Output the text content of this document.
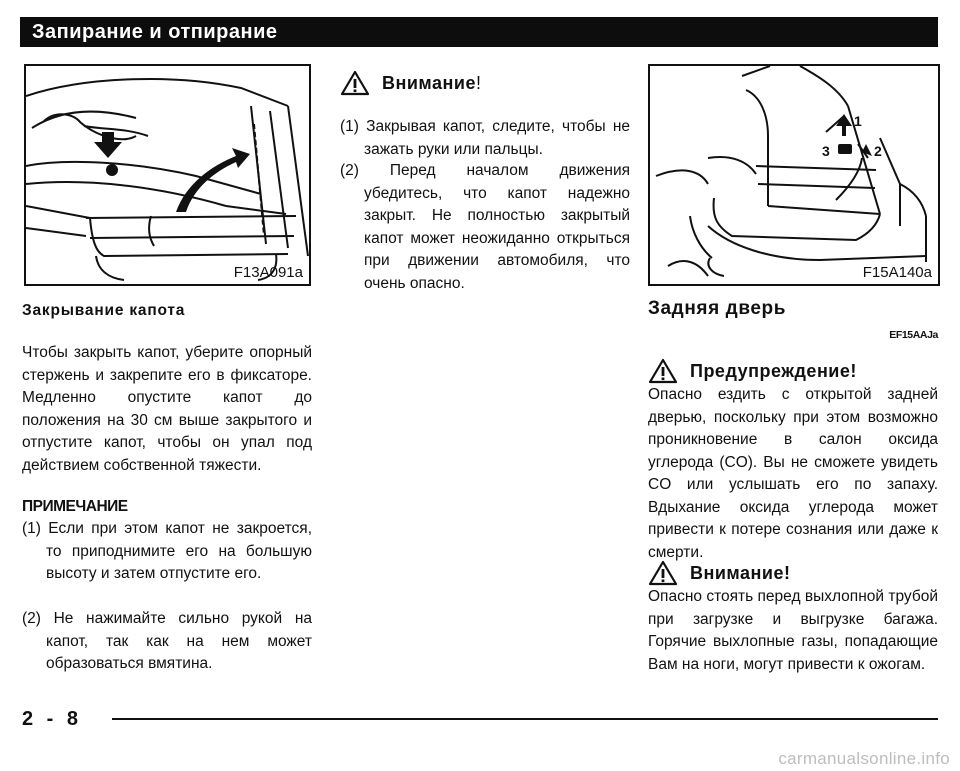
Запирание и отпирание
F13A091a
1
2
3
F15A140a
Закрывание капота
Чтобы закрыть капот, уберите опорный стержень и закрепите его в фиксаторе. Медленно опустите капот до положения на 30 см выше закрытого и отпустите капот, чтобы он упал под действием собственной тяжести.
ПРИМЕЧАНИЕ
(1) Если при этом капот не закроется, то приподнимите его на большую высоту и затем отпустите его.
(2) Не нажимайте сильно рукой на капот, так как на нем может образоваться вмятина.
Внимание!
(1) Закрывая капот, следите, чтобы не зажать руки или пальцы.
(2) Перед началом движения убедитесь, что капот надежно закрыт. Не полностью закрытый капот может неожиданно открыться при движении автомобиля, что очень опасно.
Задняя дверь
EF15AAJa
Предупреждение!
Опасно ездить с открытой задней дверью, поскольку при этом возможно проникновение в салон оксида углерода (CO). Вы не сможете увидеть CO или услышать его по запаху. Вдыхание оксида углерода может привести к потере сознания или даже к смерти.
Внимание!
Опасно стоять перед выхлопной трубой при загрузке и выгрузке багажа. Горячие выхлопные газы, попадающие Вам на ноги, могут привести к ожогам.
2 - 8
carmanualsonline.info
